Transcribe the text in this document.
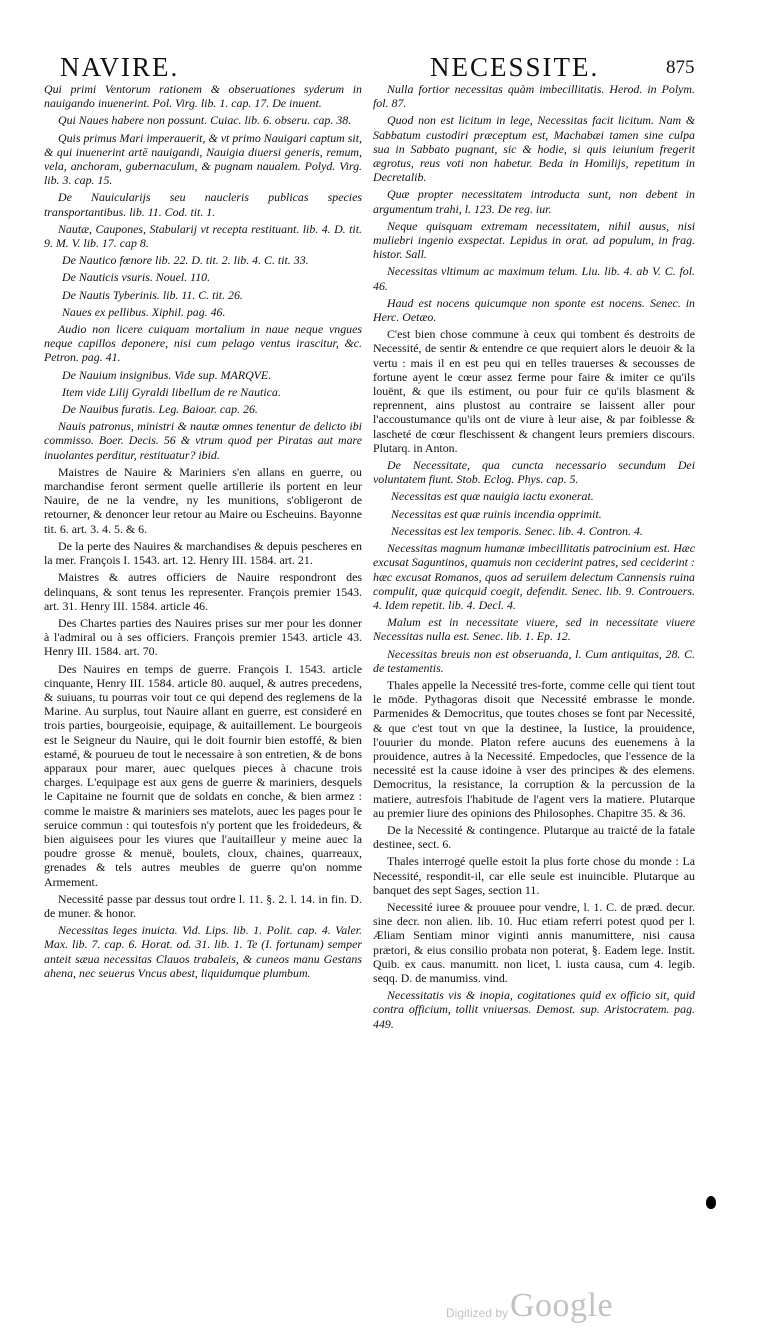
NAVIRE.	NECESSITE.	875

Qui primi Ventorum rationem & obseruationes syderum in nauigando inuenerint. Pol. Virg. lib. 1. cap. 17. De inuent.

Qui Naues habere non possunt. Cuiac. lib. 6. obseru. cap. 38.

Quis primus Mari imperauerit, & vt primo Nauigari captum sit, & qui inuenerint artē nauigandi, Nauigia diuersi generis, remum, vela, anchoram, gubernaculum, & pugnam naualem. Polyd. Virg. lib. 3. cap. 15.

De Nauicularijs seu naucleris publicas species transportantibus. lib. 11. Cod. tit. 1.

Nautæ, Caupones, Stabularij vt recepta restituant. lib. 4. D. tit. 9. M. V. lib. 17. cap 8.

De Nautico fœnore lib. 22. D. tit. 2. lib. 4. C. tit. 33.

De Nauticis vsuris. Nouel. 110.

De Nautis Tyberinis. lib. 11. C. tit. 26.

Naues ex pellibus. Xiphil. pag. 46.

Audio non licere cuiquam mortalium in naue neque vngues neque capillos deponere, nisi cum pelago ventus irascitur, &c. Petron. pag. 41.

De Nauium insignibus. Vide sup. MARQVE.

Item vide Lilij Gyraldi libellum de re Nautica.

De Nauibus furatis. Leg. Baioar. cap. 26.

Nauis patronus, ministri & nautæ omnes tenentur de delicto ibi commisso. Boer. Decis. 56 & vtrum quod per Piratas aut mare inuolantes perditur, restituatur? ibid.

Maistres de Nauire & Mariniers s'en allans en guerre, ou marchandise feront serment quelle artillerie ils portent en leur Nauire, de ne la vendre, ny les munitions, s'obligeront de retourner, & denoncer leur retour au Maire ou Escheuins. Bayonne tit. 6. art. 3. 4. 5. & 6.

De la perte des Nauires & marchandises & depuis pescheres en la mer. François I. 1543. art. 12. Henry III. 1584. art. 21.

Maistres & autres officiers de Nauire respondront des delinquans, & sont tenus les representer. François premier 1543. art. 31. Henry III. 1584. article 46.

Des Chartes parties des Nauires prises sur mer pour les donner à l'admiral ou à ses officiers. François premier 1543. article 43. Henry III. 1584. art. 70.

Des Nauires en temps de guerre. François I. 1543. article cinquante, Henry III. 1584. article 80. auquel, & autres precedens, & suiuans, tu pourras voir tout ce qui depend des reglemens de la Marine. Au surplus, tout Nauire allant en guerre, est consideré en trois parties, bourgeoisie, equipage, & auitaillement. Le bourgeois est le Seigneur du Nauire, qui le doit fournir bien estoffé, & bien estamé, & pourueu de tout le necessaire à son entretien, & de bons apparaux pour marer, auec quelques pieces à chacune trois charges. L'equipage est aux gens de guerre & mariniers, desquels le Capitaine ne fournit que de soldats en conche, & bien armez : comme le maistre & mariniers ses matelots, auec les pages pour le seruice commun : qui toutesfois n'y portent que les froidedeurs, & bien aiguisees pour les viures que l'auitailleur y meine auec la poudre grosse & menuë, boulets, cloux, chaines, quarreaux, grenades & tels autres meubles de guerre qu'on nomme Armement.

Necessité passe par dessus tout ordre l. 11. §. 2. l. 14. in fin. D. de muner. & honor.

Necessitas leges inuicta. Vid. Lips. lib. 1. Polit. cap. 4. Valer. Max. lib. 7. cap. 6. Horat. od. 31. lib. 1. Te (I. fortunam) semper anteit sæua necessitas Clauos trabaleis, & cuneos manu Gestans ahena, nec seuerus Vncus abest, liquidumque plumbum.

Nulla fortior necessitas quàm imbecillitatis. Herod. in Polym. fol. 87.

Quod non est licitum in lege, Necessitas facit licitum. Nam & Sabbatum custodiri præceptum est, Machabæi tamen sine culpa sua in Sabbato pugnant, sic & hodie, si quis ieiunium fregerit ægrotus, reus voti non habetur. Beda in Homilijs, repetitum in Decretalib.

Quæ propter necessitatem introducta sunt, non debent in argumentum trahi, l. 123. De reg. iur.

Neque quisquam extremam necessitatem, nihil ausus, nisi muliebri ingenio exspectat. Lepidus in orat. ad populum, in frag. histor. Sall.

Necessitas vltimum ac maximum telum. Liu. lib. 4. ab V. C. fol. 46.

Haud est nocens quicumque non sponte est nocens. Senec. in Herc. Oetæo.

C'est bien chose commune à ceux qui tombent és destroits de Necessité, de sentir & entendre ce que requiert alors le deuoir & la vertu : mais il en est peu qui en telles trauerses & secousses de fortune ayent le cœur assez ferme pour faire & imiter ce qu'ils louënt, & que ils estiment, ou pour fuir ce qu'ils blasment & reprennent, ains plustost au contraire se laissent aller pour l'accoustumance qu'ils ont de viure à leur aise, & par foiblesse & lascheté de cœur fleschissent & changent leurs premiers discours. Plutarq. in Anton.

De Necessitate, qua cuncta necessario secundum Dei voluntatem fiunt. Stob. Eclog. Phys. cap. 5.

Necessitas est quæ nauigia iactu exonerat.

Necessitas est quæ ruinis incendia opprimit.

Necessitas est lex temporis. Senec. lib. 4. Contron. 4.

Necessitas magnum humanæ imbecillitatis patrocinium est. Hæc excusat Saguntinos, quamuis non ceciderint patres, sed ceciderint : hæc excusat Romanos, quos ad seruilem delectum Cannensis ruina compulit, quæ quicquid coegit, defendit. Senec. lib. 9. Controuers. 4. Idem repetit. lib. 4. Decl. 4.

Malum est in necessitate viuere, sed in necessitate viuere Necessitas nulla est. Senec. lib. 1. Ep. 12.

Necessitas breuis non est obseruanda, l. Cum antiquitas, 28. C. de testamentis.

Thales appelle la Necessité tres-forte, comme celle qui tient tout le mōde. Pythagoras disoit que Necessité embrasse le monde. Parmenides & Democritus, que toutes choses se font par Necessité, & que c'est tout vn que la destinee, la Iustice, la prouidence, l'ouurier du monde. Platon refere aucuns des euenemens à la prouidence, autres à la Necessité. Empedocles, que l'essence de la necessité est la cause idoine à vser des principes & des elemens. Democritus, la resistance, la corruption & la percussion de la matiere, autresfois l'habitude de l'agent vers la matiere. Plutarque au premier liure des opinions des Philosophes. Chapitre 35. & 36.

De la Necessité & contingence. Plutarque au traicté de la fatale destinee, sect. 6.

Thales interrogé quelle estoit la plus forte chose du monde : La Necessité, respondit-il, car elle seule est inuincible. Plutarque au banquet des sept Sages, section 11.

Necessité iuree & prouuee pour vendre, l. 1. C. de præd. decur. sine decr. non alien. lib. 10. Huc etiam referri potest quod per l. Æliam Sentiam minor viginti annis manumittere, nisi causa prætori, & eius consilio probata non poterat, §. Eadem lege. Instit. Quib. ex caus. manumitt. non licet, l. iusta causa, cum 4. legib. seqq. D. de manumiss. vind.

Necessitatis vis & inopia, cogitationes quid ex officio sit, quid contra officium, tollit vniuersas. Demost. sup. Aristocratem. pag. 449.

Digitized by Google
